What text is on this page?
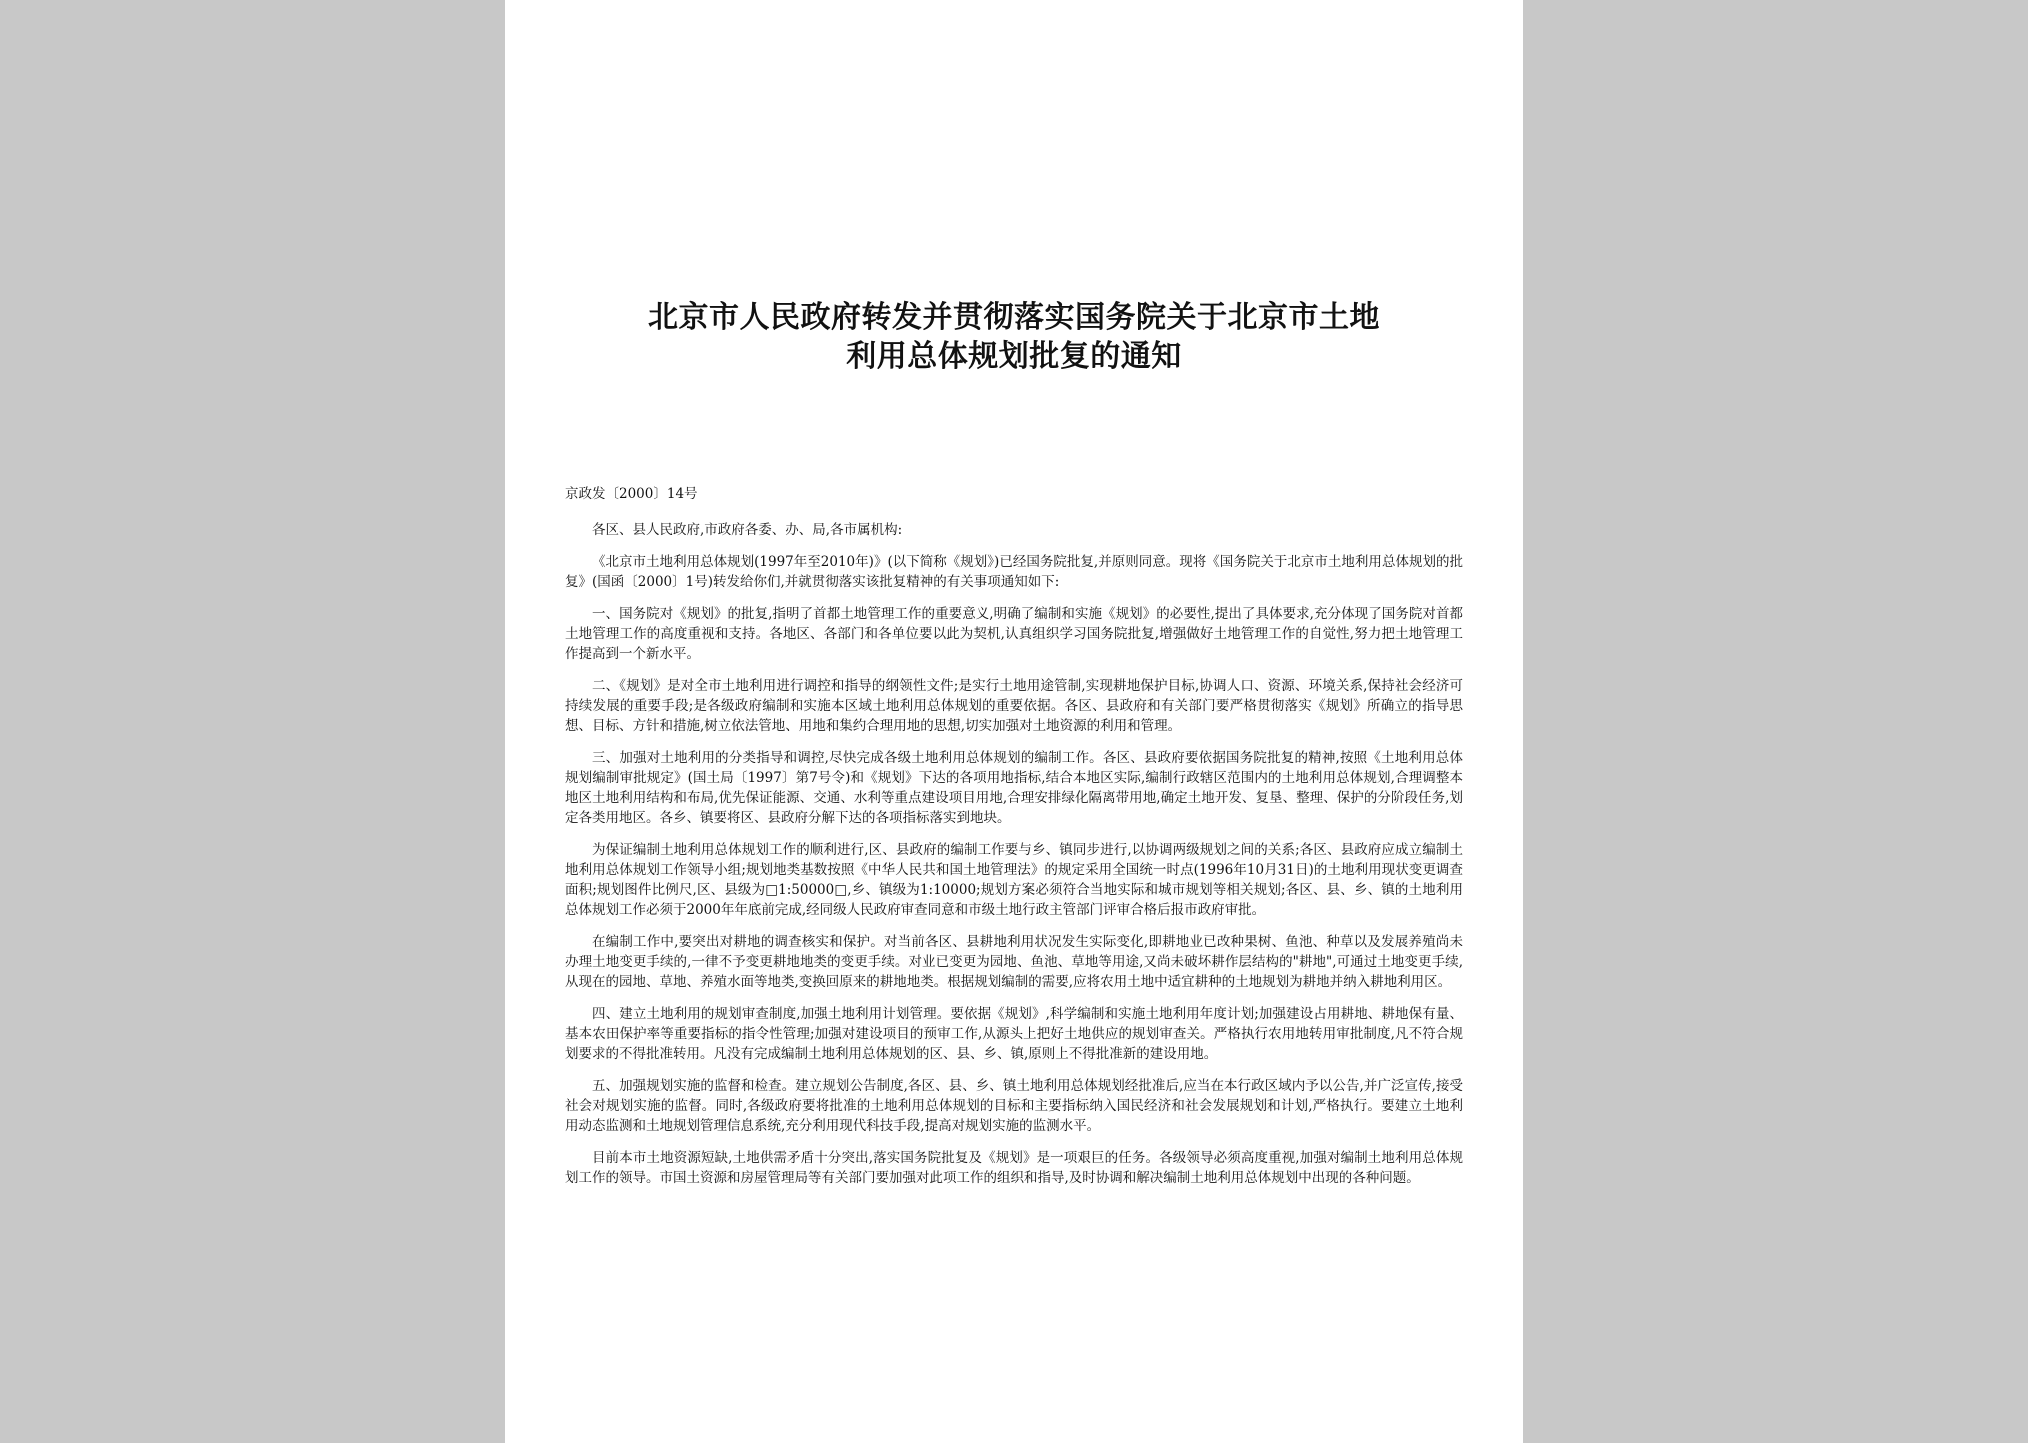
北京市人民政府转发并贯彻落实国务院关于北京市土地
利用总体规划批复的通知
京政发〔2000〕14号
各区、县人民政府,市政府各委、办、局,各市属机构:

《北京市土地利用总体规划(1997年至2010年)》(以下简称《规划》)已经国务院批复,并原则同意。现将《国务院关于北京市土地利用总体规划的批复》(国函〔2000〕1号)转发给你们,并就贯彻落实该批复精神的有关事项通知如下:

一、国务院对《规划》的批复,指明了首都土地管理工作的重要意义,明确了编制和实施《规划》的必要性,提出了具体要求,充分体现了国务院对首都土地管理工作的高度重视和支持。各地区、各部门和各单位要以此为契机,认真组织学习国务院批复,增强做好土地管理工作的自觉性,努力把土地管理工作提高到一个新水平。

二、《规划》是对全市土地利用进行调控和指导的纲领性文件;是实行土地用途管制,实现耕地保护目标,协调人口、资源、环境关系,保持社会经济可持续发展的重要手段;是各级政府编制和实施本区域土地利用总体规划的重要依据。各区、县政府和有关部门要严格贯彻落实《规划》所确立的指导思想、目标、方针和措施,树立依法管地、用地和集约合理用地的思想,切实加强对土地资源的利用和管理。

三、加强对土地利用的分类指导和调控,尽快完成各级土地利用总体规划的编制工作。各区、县政府要依据国务院批复的精神,按照《土地利用总体规划编制审批规定》(国土局〔1997〕第7号令)和《规划》下达的各项用地指标,结合本地区实际,编制行政辖区范围内的土地利用总体规划,合理调整本地区土地利用结构和布局,优先保证能源、交通、水利等重点建设项目用地,合理安排绿化隔离带用地,确定土地开发、复垦、整理、保护的分阶段任务,划定各类用地区。各乡、镇要将区、县政府分解下达的各项指标落实到地块。

为保证编制土地利用总体规划工作的顺利进行,区、县政府的编制工作要与乡、镇同步进行,以协调两级规划之间的关系;各区、县政府应成立编制土地利用总体规划工作领导小组;规划地类基数按照《中华人民共和国土地管理法》的规定采用全国统一时点(1996年10月31日)的土地利用现状变更调查面积;规划图件比例尺,区、县级为□1:50000□,乡、镇级为1:10000;规划方案必须符合当地实际和城市规划等相关规划;各区、县、乡、镇的土地利用总体规划工作必须于2000年年底前完成,经同级人民政府审查同意和市级土地行政主管部门评审合格后报市政府审批。

在编制工作中,要突出对耕地的调查核实和保护。对当前各区、县耕地利用状况发生实际变化,即耕地业已改种果树、鱼池、种草以及发展养殖尚未办理土地变更手续的,一律不予变更耕地地类的变更手续。对业已变更为园地、鱼池、草地等用途,又尚未破坏耕作层结构的"耕地",可通过土地变更手续,从现在的园地、草地、养殖水面等地类,变换回原来的耕地地类。根据规划编制的需要,应将农用土地中适宜耕种的土地规划为耕地并纳入耕地利用区。

四、建立土地利用的规划审查制度,加强土地利用计划管理。要依据《规划》,科学编制和实施土地利用年度计划;加强建设占用耕地、耕地保有量、基本农田保护率等重要指标的指令性管理;加强对建设项目的预审工作,从源头上把好土地供应的规划审查关。严格执行农用地转用审批制度,凡不符合规划要求的不得批准转用。凡没有完成编制土地利用总体规划的区、县、乡、镇,原则上不得批准新的建设用地。

五、加强规划实施的监督和检查。建立规划公告制度,各区、县、乡、镇土地利用总体规划经批准后,应当在本行政区域内予以公告,并广泛宣传,接受社会对规划实施的监督。同时,各级政府要将批准的土地利用总体规划的目标和主要指标纳入国民经济和社会发展规划和计划,严格执行。要建立土地利用动态监测和土地规划管理信息系统,充分利用现代科技手段,提高对规划实施的监测水平。

目前本市土地资源短缺,土地供需矛盾十分突出,落实国务院批复及《规划》是一项艰巨的任务。各级领导必须高度重视,加强对编制土地利用总体规划工作的领导。市国土资源和房屋管理局等有关部门要加强对此项工作的组织和指导,及时协调和解决编制土地利用总体规划中出现的各种问题。
